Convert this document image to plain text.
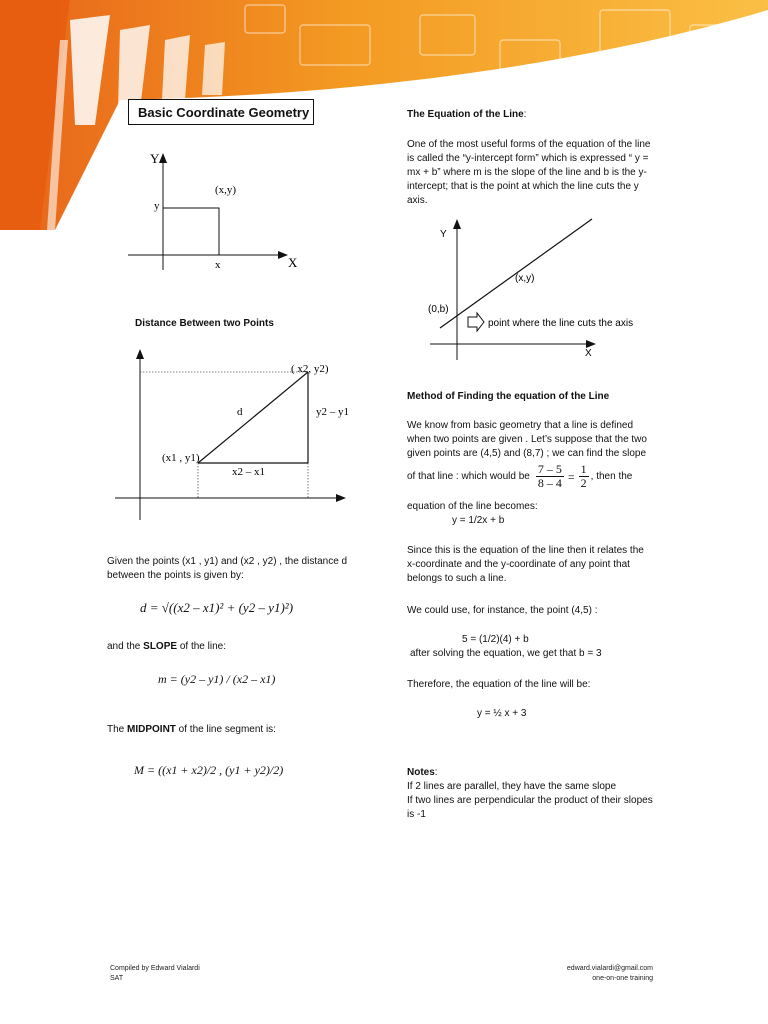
Basic Coordinate Geometry
Y
X
(x,y)
y
x
Distance Between two Points
( x2, y2)
(x1 , y1)
d	y2 – y1
x2 – x1
Given the points (x1 , y1) and (x2 , y2) , the distance d
between the points is given by:
d = √((x2 – x1)² + (y2 – y1)²)
and the SLOPE of the line:
m = (y2 – y1) / (x2 – x1)
The MIDPOINT of the line segment is:
M = ((x1 + x2)/2 , (y1 + y2)/2)
The Equation of the Line:
One of the most useful forms of the equation of the line
is called the “y-intercept form” which is expressed “ y =
mx + b” where m is the slope of the line and b is the y-
intercept; that is the point at which the line cuts the y
axis.
Y
X
(x,y)
(0,b)
point where the line cuts the axis
Method of Finding the equation of the Line
We know from basic geometry that a line is defined
when two points are given . Let’s suppose that the two
given points are (4,5) and (8,7) ; we can find the slope
of that line : which would be $\frac{7 - 5}{8 - 4} = \frac{1}{2}$ , then the
equation of the line becomes:
y = 1/2x + b
Since this is the equation of the line then it relates the
x-coordinate and the y-coordinate of any point that
belongs to such a line.
We could use, for instance, the point (4,5) :
5 = (1/2)(4) + b
after solving the equation, we get that b = 3
Therefore, the equation of the line will be:
y = ½ x + 3
Notes:
If 2 lines are parallel, they have the same slope
If two lines are perpendicular the product of their slopes
is -1
Compiled by Edward Vialardi
SAT
edward.vialardi@gmail.com
one-on-one training
